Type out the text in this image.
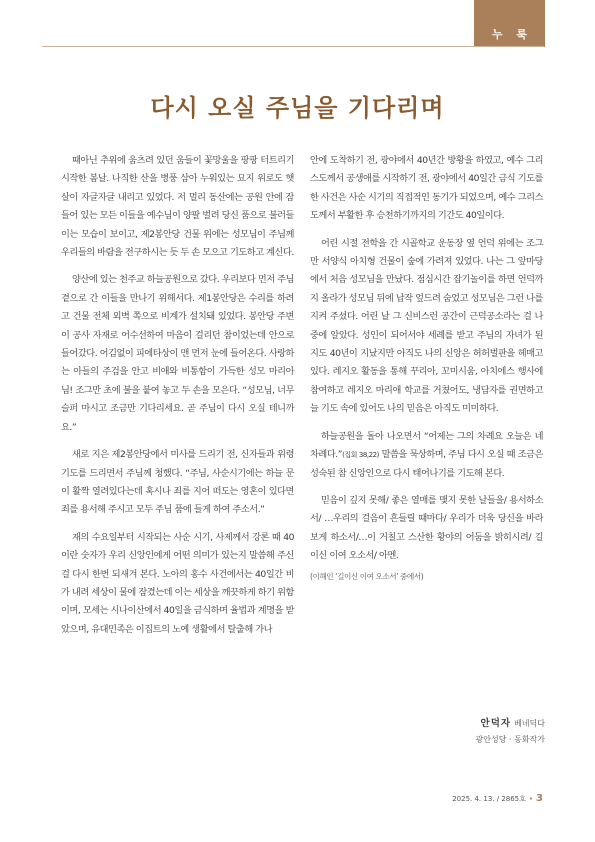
누 룩
다시 오실 주님을 기다리며

때아닌 추위에 움츠려 있던 움들이 꽃망울을 팡팡 터트리기 시작한 봄날. 나직한 산을 병풍 삼아 누워있는 묘지 위로도 햇살이 자글자글 내리고 있었다. 저 멀리 동산에는 공원 안에 잠들어 있는 모든 이들을 예수님이 양팔 벌려 당신 품으로 불러들이는 모습이 보이고, 제2봉안당 건물 위에는 성모님이 주님께 우리들의 바람을 전구하시는 듯 두 손 모으고 기도하고 계신다.

양산에 있는 천주교 하늘공원으로 갔다. 우리보다 먼저 주님 곁으로 간 이들을 만나기 위해서다. 제1봉안당은 수리를 하려고 건물 전체 외벽 쪽으로 비계가 설치돼 있었다. 봉안당 주변이 공사 자재로 어수선하여 마음이 걸리던 참이었는데 안으로 들어갔다. 어김없이 피에타상이 맨 먼저 눈에 들어온다. 사랑하는 아들의 주검을 안고 비애와 비통함이 가득한 성모 마리아님! 조그만 초에 불을 붙여 놓고 두 손을 모은다. “성모님, 너무 슬퍼 마시고 조금만 기다리세요. 곧 주님이 다시 오실 테니까요.”

새로 지은 제2봉안당에서 미사를 드리기 전, 신자들과 위령기도를 드리면서 주님께 청했다. “주님, 사순시기에는 하늘 문이 활짝 열려있다는데 혹시나 죄를 지어 떠도는 영혼이 있다면 죄를 용서해 주시고 모두 주님 품에 들게 하여 주소서.”

재의 수요일부터 시작되는 사순 시기, 사제께서 강론 때 40이란 숫자가 우리 신앙인에게 어떤 의미가 있는지 말씀해 주신 걸 다시 한번 되새겨 본다. 노아의 홍수 사건에서는 40일간 비가 내려 세상이 물에 잠겼는데 이는 세상을 깨끗하게 하기 위함이며, 모세는 시나이산에서 40일을 금식하며 율법과 계명을 받았으며, 유대민족은 이집트의 노예 생활에서 탈출해 가나

안에 도착하기 전, 광야에서 40년간 방황을 하였고, 예수 그리스도께서 공생애를 시작하기 전, 광야에서 40일간 금식 기도를 한 사건은 사순 시기의 직접적인 동기가 되었으며, 예수 그리스도께서 부활한 후 승천하기까지의 기간도 40일이다.

어린 시절 전학을 간 시골학교 운동장 옆 언덕 위에는 조그만 서양식 아치형 건물이 숲에 가려져 있었다. 나는 그 앞마당에서 처음 성모님을 만났다. 점심시간 잡기놀이를 하면 언덕까지 올라가 성모님 뒤에 납작 엎드려 숨었고 성모님은 그런 나를 지켜 주셨다. 어린 날 그 신비스런 공간이 근덕공소라는 걸 나중에 알았다. 성인이 되어서야 세례를 받고 주님의 자녀가 된 지도 40년이 지났지만 아직도 나의 신앙은 허허벌판을 헤매고 있다. 레지오 활동을 통해 꾸리아, 꼬미시움, 아치에스 행사에 참여하고 레지오 마리애 학교를 거쳤어도, 냉담자를 권면하고 늘 기도 속에 있어도 나의 믿음은 아직도 미미하다.

하늘공원을 돌아 나오면서 “어제는 그의 차례요 오늘은 네 차례다.”(집회 38,22) 말씀을 묵상하며, 주님 다시 오실 때 조금은 성숙된 참 신앙인으로 다시 태어나기를 기도해 본다.

믿음이 깊지 못해/ 좋은 열매를 맺지 못한 날들을/ 용서하소서/ …우리의 걸음이 흔들릴 때마다/ 우리가 더욱 당신을 바라보게 하소서/…이 거칠고 스산한 황야의 어둠을 밝히시려/ 길이신 이여 오소서/ 아멘.

(이해인 ‘길이신 이여 오소서’ 중에서)

안덕자 베네딕다
광안성당 · 동화작가
2025. 4. 13. / 2865호 • 3
